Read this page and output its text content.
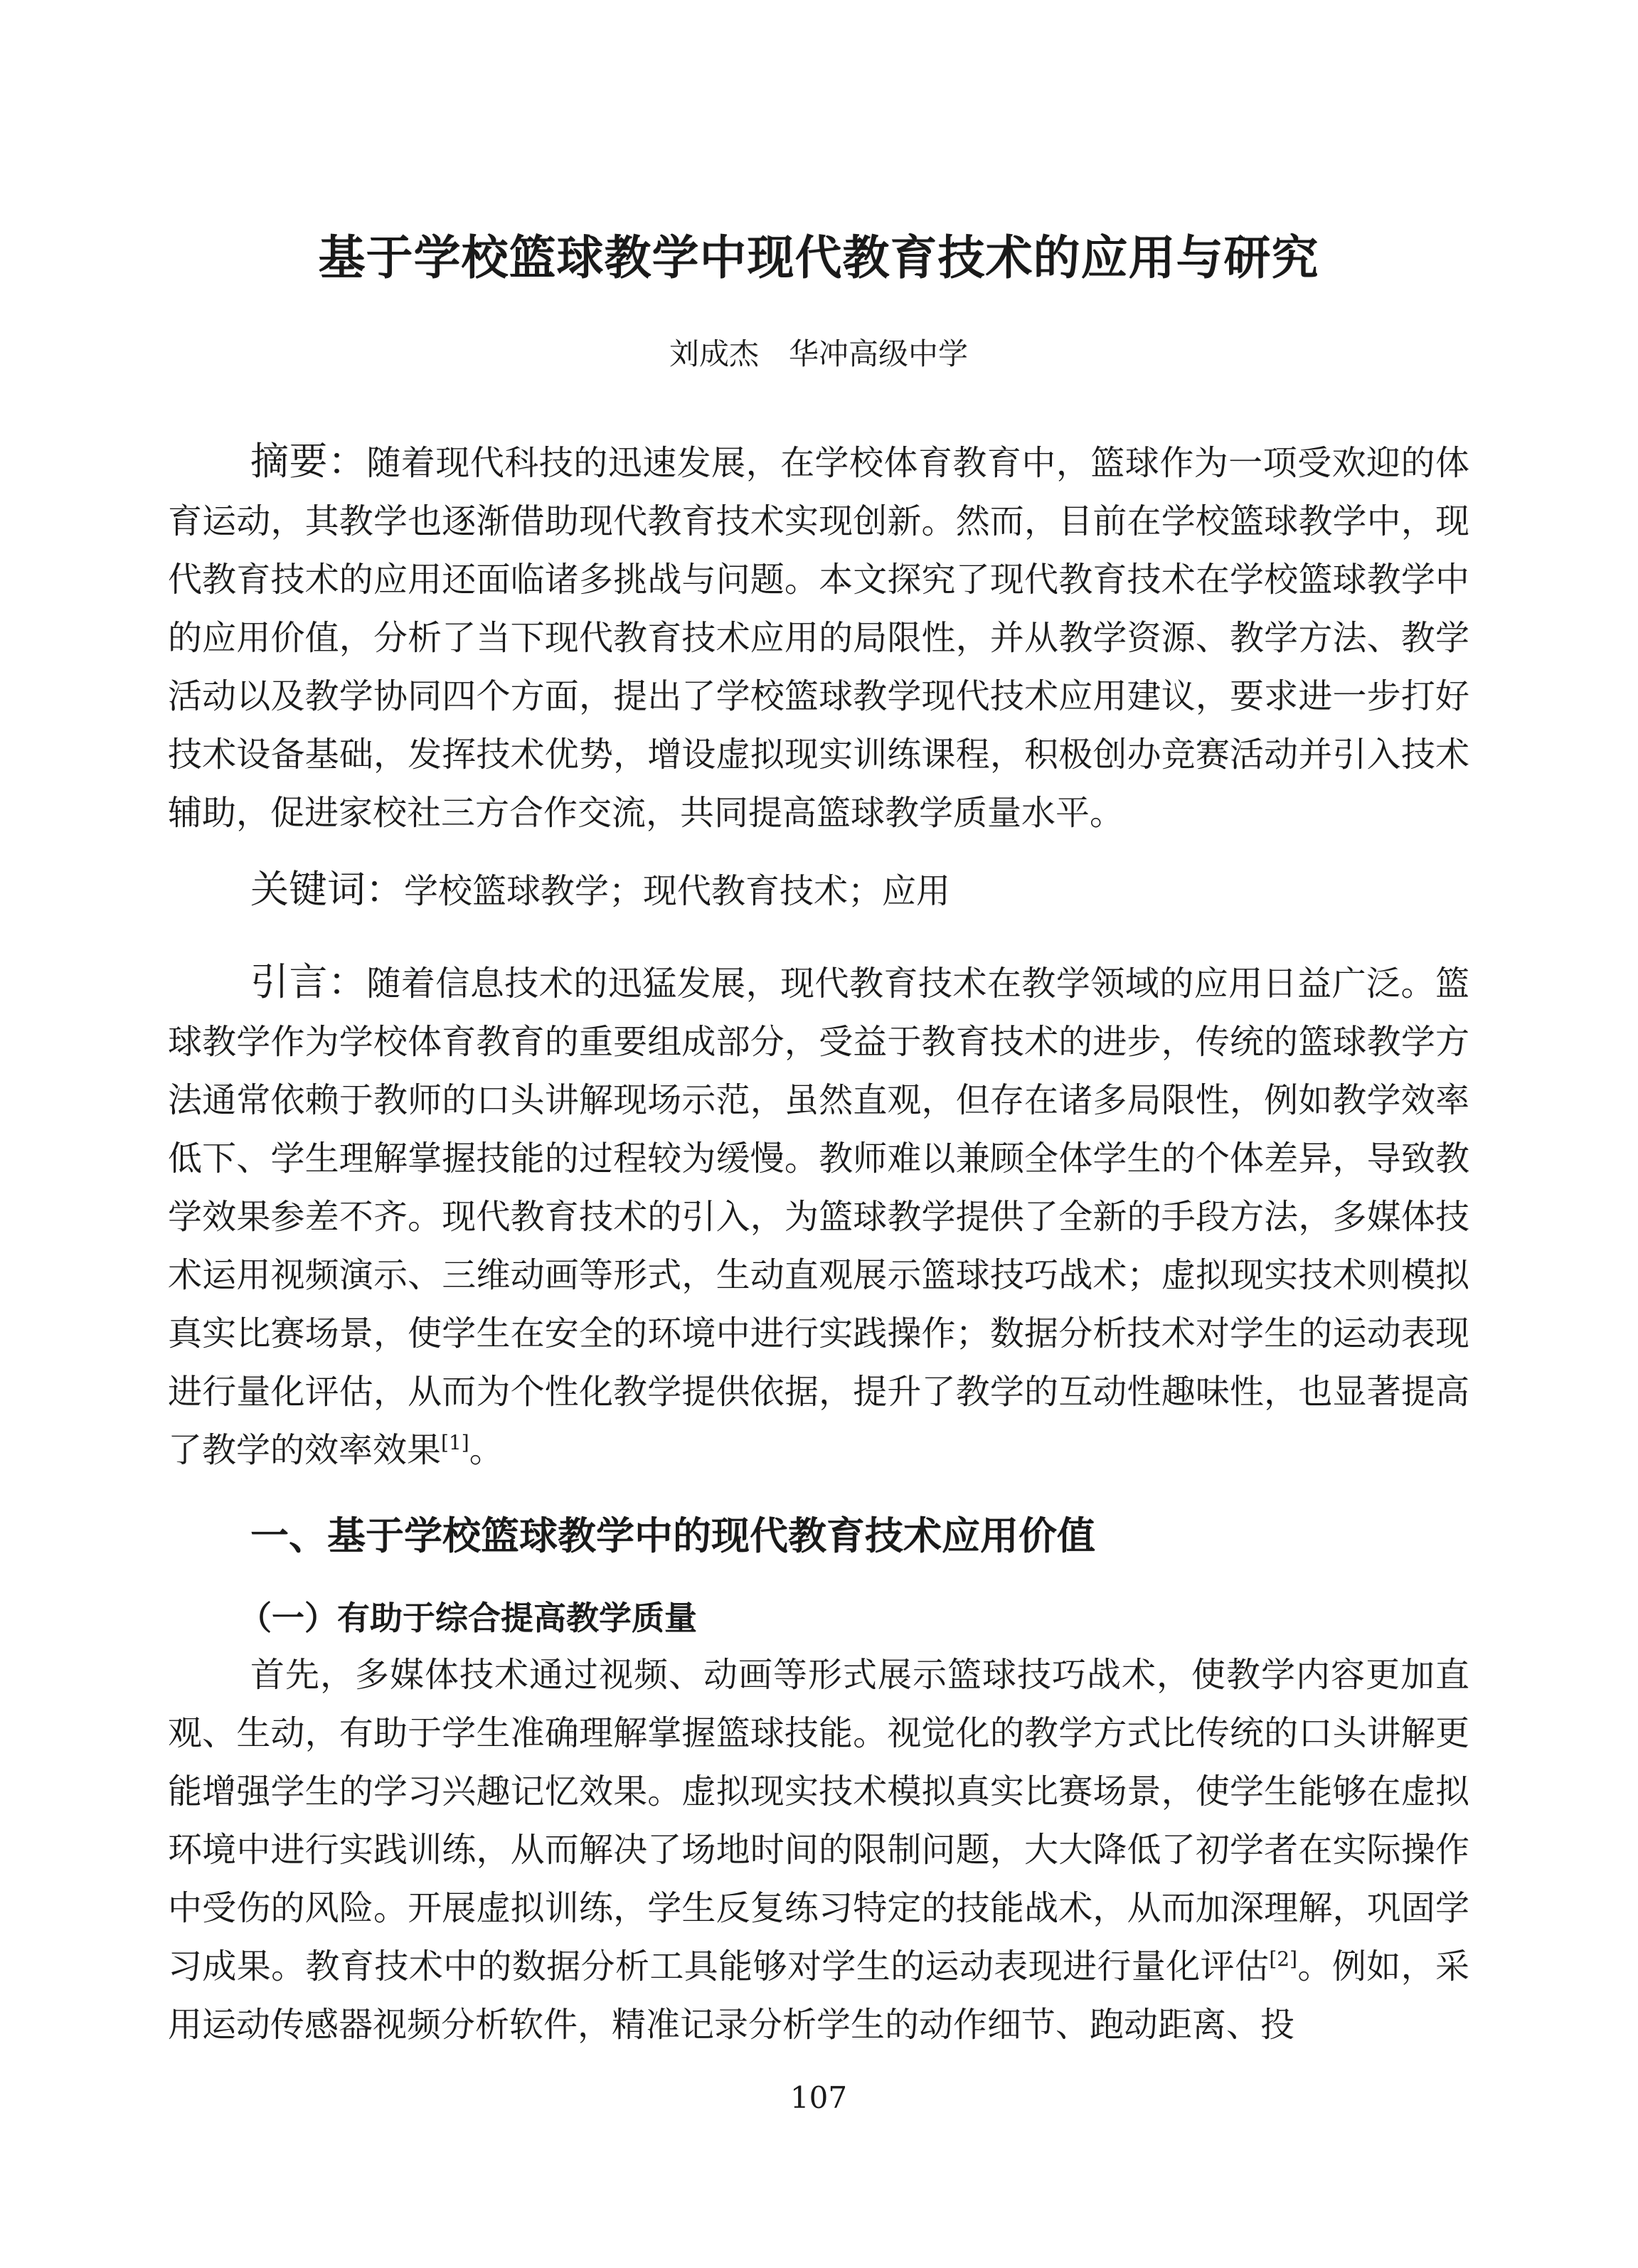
基于学校篮球教学中现代教育技术的应用与研究
刘成杰　华冲高级中学

摘要：随着现代科技的迅速发展，在学校体育教育中，篮球作为一项受欢迎的体育运动，其教学也逐渐借助现代教育技术实现创新。然而，目前在学校篮球教学中，现代教育技术的应用还面临诸多挑战与问题。本文探究了现代教育技术在学校篮球教学中的应用价值，分析了当下现代教育技术应用的局限性，并从教学资源、教学方法、教学活动以及教学协同四个方面，提出了学校篮球教学现代技术应用建议，要求进一步打好技术设备基础，发挥技术优势，增设虚拟现实训练课程，积极创办竞赛活动并引入技术辅助，促进家校社三方合作交流，共同提高篮球教学质量水平。

关键词：学校篮球教学；现代教育技术；应用

引言：随着信息技术的迅猛发展，现代教育技术在教学领域的应用日益广泛。篮球教学作为学校体育教育的重要组成部分，受益于教育技术的进步，传统的篮球教学方法通常依赖于教师的口头讲解现场示范，虽然直观，但存在诸多局限性，例如教学效率低下、学生理解掌握技能的过程较为缓慢。教师难以兼顾全体学生的个体差异，导致教学效果参差不齐。现代教育技术的引入，为篮球教学提供了全新的手段方法，多媒体技术运用视频演示、三维动画等形式，生动直观展示篮球技巧战术；虚拟现实技术则模拟真实比赛场景，使学生在安全的环境中进行实践操作；数据分析技术对学生的运动表现进行量化评估，从而为个性化教学提供依据，提升了教学的互动性趣味性，也显著提高了教学的效率效果[1]。

一、基于学校篮球教学中的现代教育技术应用价值
（一）有助于综合提高教学质量

首先，多媒体技术通过视频、动画等形式展示篮球技巧战术，使教学内容更加直观、生动，有助于学生准确理解掌握篮球技能。视觉化的教学方式比传统的口头讲解更能增强学生的学习兴趣记忆效果。虚拟现实技术模拟真实比赛场景，使学生能够在虚拟环境中进行实践训练，从而解决了场地时间的限制问题，大大降低了初学者在实际操作中受伤的风险。开展虚拟训练，学生反复练习特定的技能战术，从而加深理解，巩固学习成果。教育技术中的数据分析工具能够对学生的运动表现进行量化评估[2]。例如，采用运动传感器视频分析软件，精准记录分析学生的动作细节、跑动距离、投

107
